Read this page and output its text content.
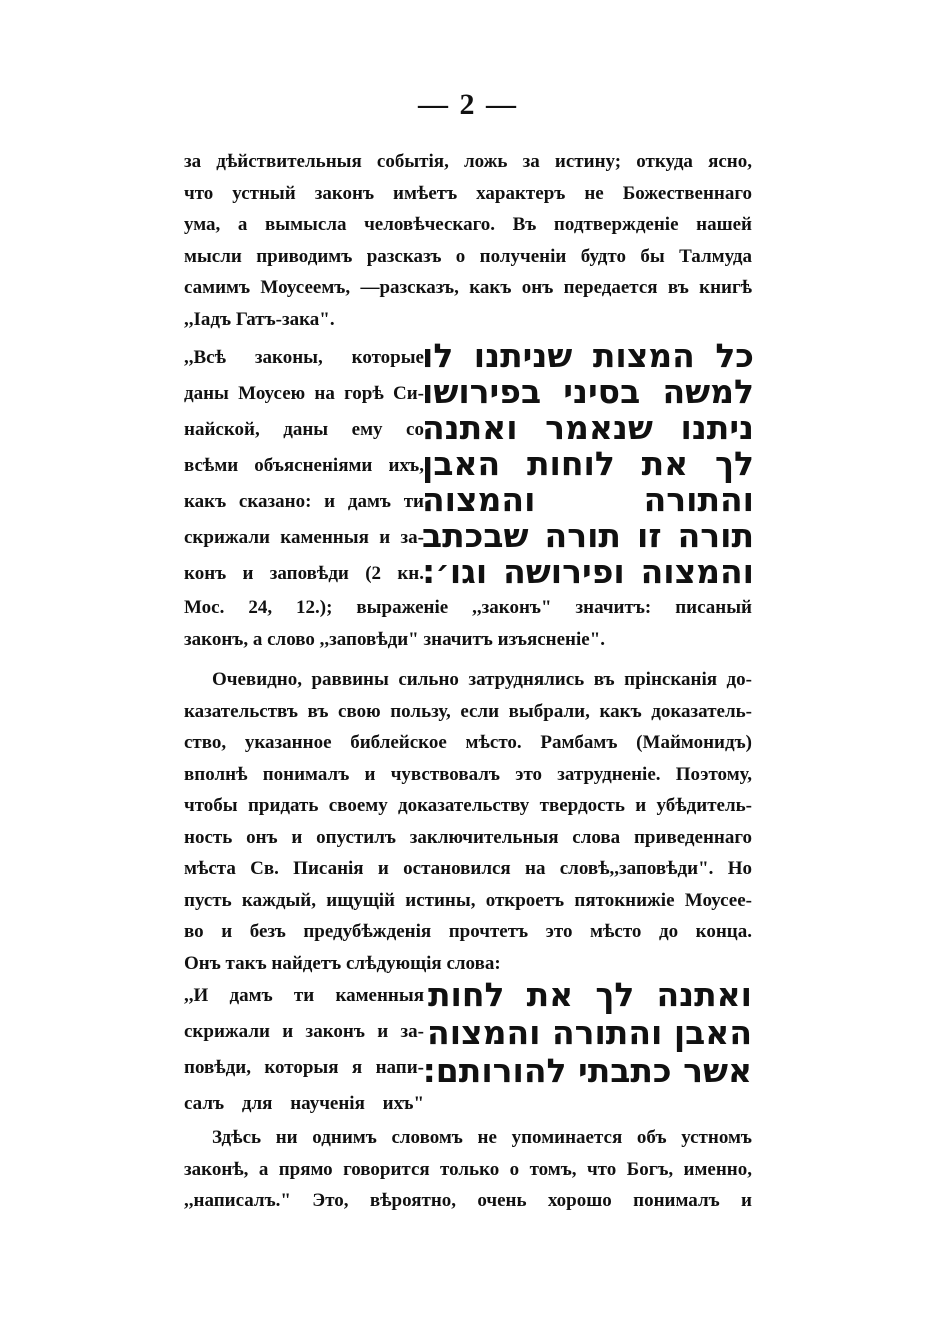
— 2 —
за дѣйствительныя событія, ложь за истину; откуда ясно,
что устный законъ имѣетъ характеръ не Божественнаго
ума, а вымысла человѣческаго. Въ подтвержденіе нашей
мысли приводимъ разсказъ о полученіи будто бы Талмуда
самимъ Моусеемъ, —разсказъ, какъ онъ передается въ книгѣ
,,Іадъ Гатъ-зака".
,,Всѣ законы, которые
даны Моусею на горѣ Си-
найской, даны ему со
всѣми объясненіями ихъ,
какъ сказано: и дамъ ти
скрижали каменныя и за-
конъ и заповѣди (2 кн.
כל המצות שניתנו לו
למשה בסיני בפירושו
ניתנו שנאמר ואתנה
לך את לוחות האבן
והתורה והמצוה
תורה זו תורה שבכתב
והמצוה ופירושה וגו׳:
Мос. 24, 12.); выраженіе ,,законъ" значитъ: писаный
законъ, а слово ,,заповѣди" значитъ изъясненіе".
Очевидно, раввины сильно затруднялись въ прінсканія до-
казательствъ въ свою пользу, если выбрали, какъ доказатель-
ство, указанное библейское мѣсто. Рамбамъ (Маймонидъ)
вполнѣ понималъ и чувствовалъ это затрудненіе. Поэтому,
чтобы придать своему доказательству твердость и убѣдитель-
ность онъ и опустилъ заключительныя слова приведеннаго
мѣста Св. Писанія и остановился на словѣ,,заповѣди". Но
пусть каждый, ищущій истины, откроетъ пятокнижіе Моусее-
во и безъ предубѣжденія прочтетъ это мѣсто до конца.
Онъ такъ найдетъ слѣдующія слова:
,,И дамъ ти каменныя
скрижали и законъ и за-
повѣди, которыя я напи-
салъ для наученія ихъ"
ואתנה לך את לחות
האבן והתורה והמצוה
אשר כתבתי להורותם:
Здѣсь ни однимъ словомъ не упоминается объ устномъ
законѣ, а прямо говорится только о томъ, что Богъ, именно,
,,написалъ." Это, вѣроятно, очень хорошо понималъ и
